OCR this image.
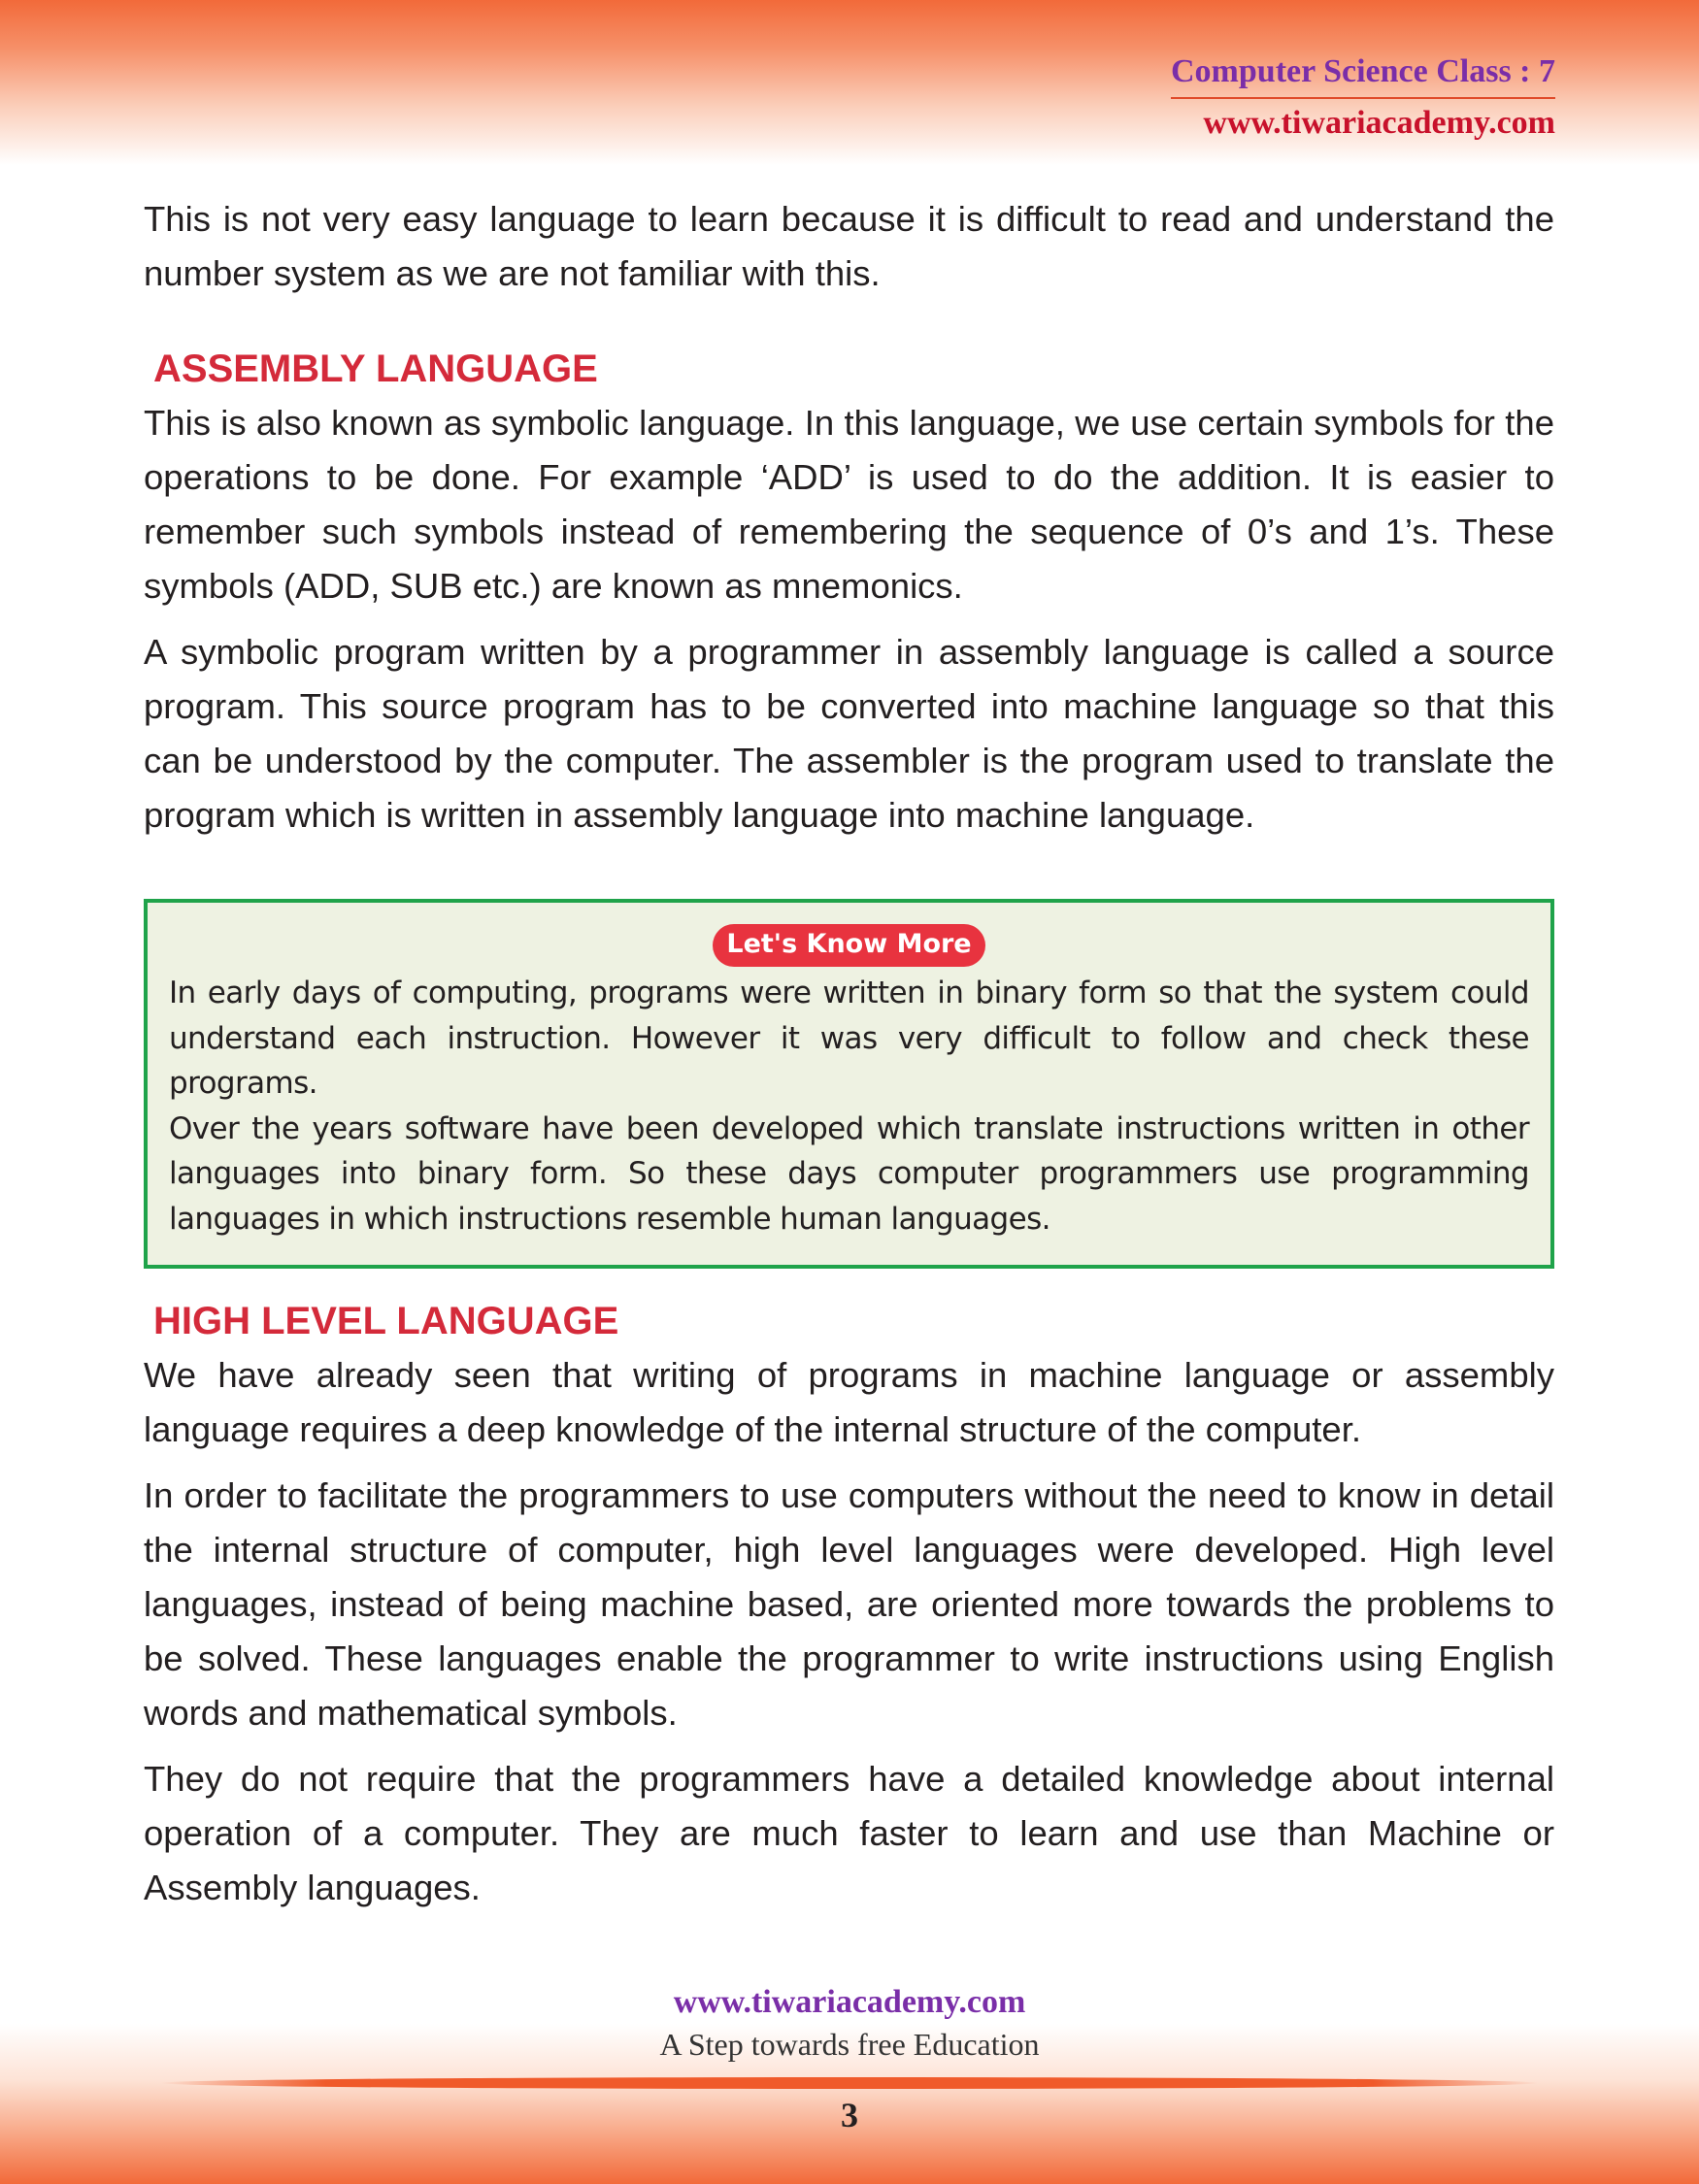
Computer Science Class : 7
www.tiwariacademy.com

This is not very easy language to learn because it is difficult to read and understand the number system as we are not familiar with this.

ASSEMBLY LANGUAGE

This is also known as symbolic language. In this language, we use certain symbols for the operations to be done. For example ‘ADD’ is used to do the addition. It is easier to remember such symbols instead of remembering the sequence of 0’s and 1’s. These symbols (ADD, SUB etc.) are known as mnemonics.

A symbolic program written by a programmer in assembly language is called a source program. This source program has to be converted into machine language so that this can be understood by the computer. The assembler is the program used to translate the program which is written in assembly language into machine language.

Let's Know More

In early days of computing, programs were written in binary form so that the system could understand each instruction. However it was very difficult to follow and check these programs.

Over the years software have been developed which translate instructions written in other languages into binary form. So these days computer programmers use programming languages in which instructions resemble human languages.

HIGH LEVEL LANGUAGE

We have already seen that writing of programs in machine language or assembly language requires a deep knowledge of the internal structure of the computer.

In order to facilitate the programmers to use computers without the need to know in detail the internal structure of computer, high level languages were developed. High level languages, instead of being machine based, are oriented more towards the problems to be solved. These languages enable the programmer to write instructions using English words and mathematical symbols.

They do not require that the programmers have a detailed knowledge about internal operation of a computer. They are much faster to learn and use than Machine or Assembly languages.

www.tiwariacademy.com
A Step towards free Education
3
